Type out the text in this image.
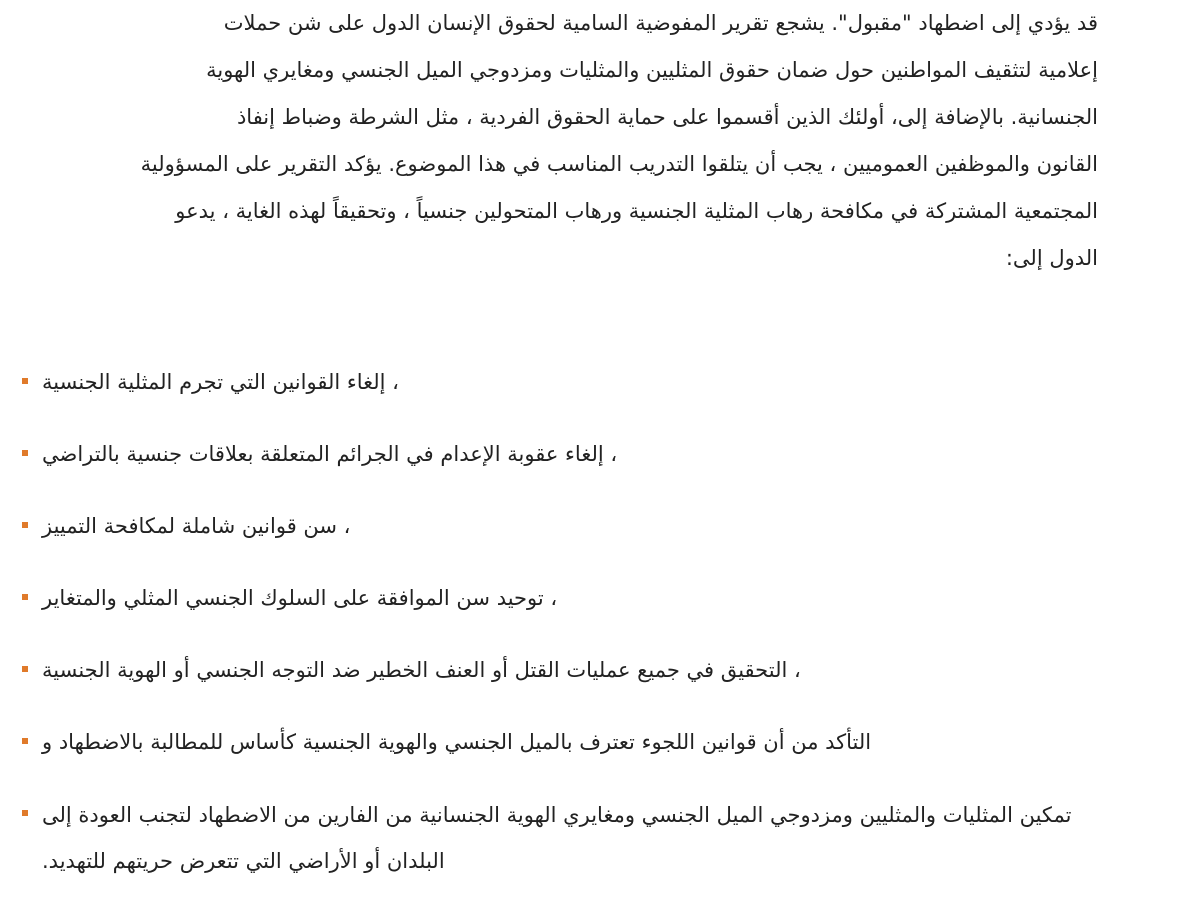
قد يؤدي إلى اضطهاد "مقبول". يشجع تقرير المفوضية السامية لحقوق الإنسان الدول على شن حملات
إعلامية لتثقيف المواطنين حول ضمان حقوق المثليين والمثليات ومزدوجي الميل الجنسي ومغايري الهوية
الجنسانية. بالإضافة إلى، أولئك الذين أقسموا على حماية الحقوق الفردية ، مثل الشرطة وضباط إنفاذ
القانون والموظفين العموميين ، يجب أن يتلقوا التدريب المناسب في هذا الموضوع. يؤكد التقرير على المسؤولية
المجتمعية المشتركة في مكافحة رهاب المثلية الجنسية ورهاب المتحولين جنسياً ، وتحقيقاً لهذه الغاية ، يدعو
الدول إلى:

، إلغاء القوانين التي تجرم المثلية الجنسية
، إلغاء عقوبة الإعدام في الجرائم المتعلقة بعلاقات جنسية بالتراضي
، سن قوانين شاملة لمكافحة التمييز
، توحيد سن الموافقة على السلوك الجنسي المثلي والمتغاير
، التحقيق في جميع عمليات القتل أو العنف الخطير ضد التوجه الجنسي أو الهوية الجنسية
التأكد من أن قوانين اللجوء تعترف بالميل الجنسي والهوية الجنسية كأساس للمطالبة بالاضطهاد و
تمكين المثليات والمثليين ومزدوجي الميل الجنسي ومغايري الهوية الجنسانية من الفارين من الاضطهاد لتجنب العودة إلى البلدان أو الأراضي التي تتعرض حريتهم للتهديد.
